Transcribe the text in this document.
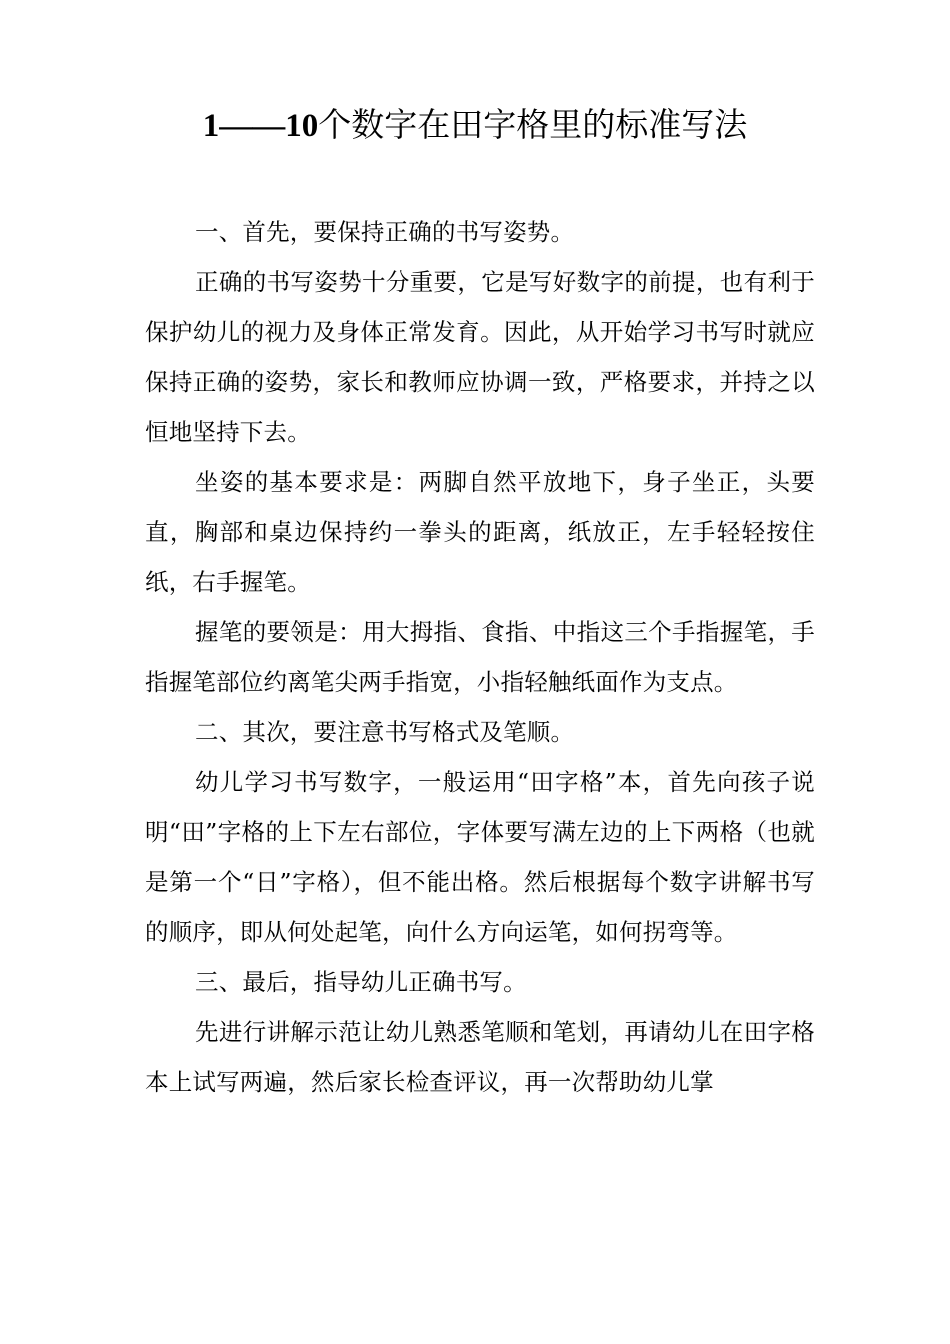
1——10个数字在田字格里的标准写法

一、首先，要保持正确的书写姿势。

正确的书写姿势十分重要，它是写好数字的前提，也有利于保护幼儿的视力及身体正常发育。因此，从开始学习书写时就应保持正确的姿势，家长和教师应协调一致，严格要求，并持之以恒地坚持下去。

坐姿的基本要求是：两脚自然平放地下，身子坐正，头要直，胸部和桌边保持约一拳头的距离，纸放正，左手轻轻按住纸，右手握笔。

握笔的要领是：用大拇指、食指、中指这三个手指握笔，手指握笔部位约离笔尖两手指宽，小指轻触纸面作为支点。

二、其次，要注意书写格式及笔顺。

幼儿学习书写数字，一般运用“田字格”本，首先向孩子说明“田”字格的上下左右部位，字体要写满左边的上下两格（也就是第一个“日”字格），但不能出格。然后根据每个数字讲解书写的顺序，即从何处起笔，向什么方向运笔，如何拐弯等。

三、最后，指导幼儿正确书写。

先进行讲解示范让幼儿熟悉笔顺和笔划，再请幼儿在田字格本上试写两遍，然后家长检查评议，再一次帮助幼儿掌
